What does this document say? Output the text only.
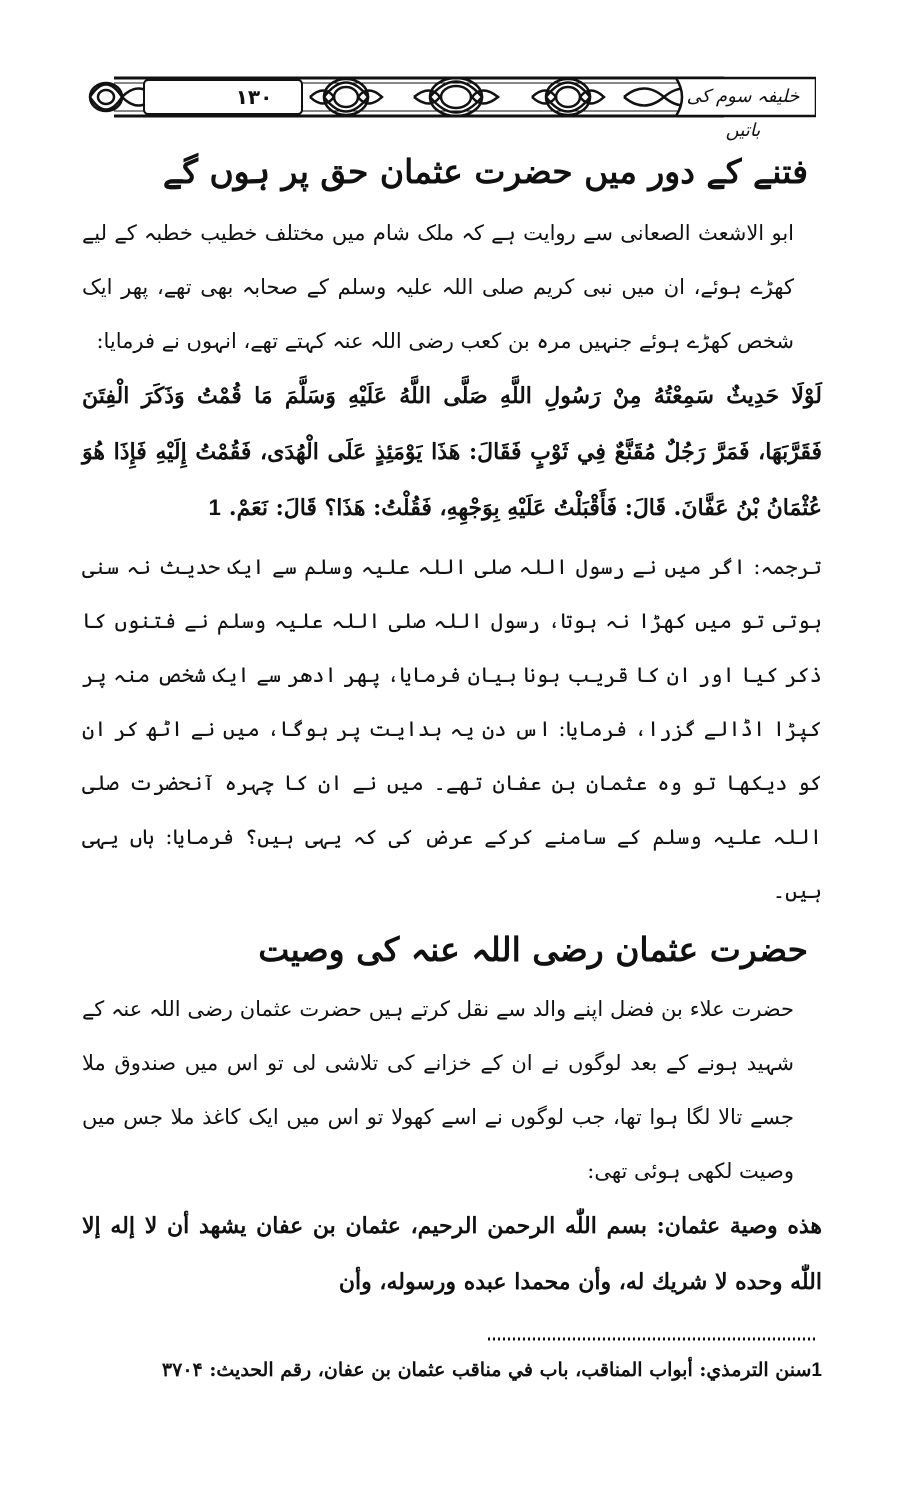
۱۳۰	خلیفہ سوم کی باتیں
فتنے کے دور میں حضرت عثمان حق پر ہوں گے

ابو الاشعث الصعانی سے روایت ہے کہ ملک شام میں مختلف خطیب خطبہ کے لیے کھڑے ہوئے، ان میں نبی کریم صلی اللہ علیہ وسلم کے صحابہ بھی تھے، پھر ایک شخص کھڑے ہوئے جنہیں مرہ بن کعب رضی اللہ عنہ کہتے تھے، انہوں نے فرمایا:

لَوْلَا حَدِيثٌ سَمِعْتُهُ مِنْ رَسُولِ اللَّهِ صَلَّى اللَّهُ عَلَيْهِ وَسَلَّمَ مَا قُمْتُ وَذَكَرَ الْفِتَنَ فَقَرَّبَهَا، فَمَرَّ رَجُلٌ مُقَنَّعٌ فِي ثَوْبٍ فَقَالَ: هَذَا يَوْمَئِذٍ عَلَى الْهُدَى، فَقُمْتُ إِلَيْهِ فَإِذَا هُوَ عُثْمَانُ بْنُ عَفَّانَ. قَالَ: فَأَقْبَلْتُ عَلَيْهِ بِوَجْهِهِ، فَقُلْتُ: هَذَا؟ قَالَ: نَعَمْ.1

ترجمہ: اگر میں نے رسول اللہ صلی اللہ علیہ وسلم سے ایک حدیث نہ سنی ہوتی تو میں کھڑا نہ ہوتا، رسول اللہ صلی اللہ علیہ وسلم نے فتنوں کا ذکر کیا اور ان کا قریب ہونا بیان فرمایا، پھر ادھر سے ایک شخص منہ پر کپڑا اڈالے گزرا، فرمایا: اس دن یہ ہدایت پر ہوگا، میں نے اٹھ کر ان کو دیکھا تو وہ عثمان بن عفان تھے۔ میں نے ان کا چہرہ آنحضرت صلی اللہ علیہ وسلم کے سامنے کرکے عرض کی کہ یہی ہیں؟ فرمایا: ہاں یہی ہیں۔

حضرت عثمان رضی اللہ عنہ کی وصیت

حضرت علاء بن فضل اپنے والد سے نقل کرتے ہیں حضرت عثمان رضی اللہ عنہ کے شہید ہونے کے بعد لوگوں نے ان کے خزانے کی تلاشی لی تو اس میں صندوق ملا جسے تالا لگا ہوا تھا، جب لوگوں نے اسے کھولا تو اس میں ایک کاغذ ملا جس میں وصیت لکھی ہوئی تھی:

هذه وصية عثمان: بسم اللّٰه الرحمن الرحيم، عثمان بن عفان يشهد أن لا إله إلا اللّٰه وحده لا شريك له، وأن محمدا عبده ورسوله، وأن

1سنن الترمذي: أبواب المناقب، باب في مناقب عثمان بن عفان، رقم الحديث: ۳۷۰۴
